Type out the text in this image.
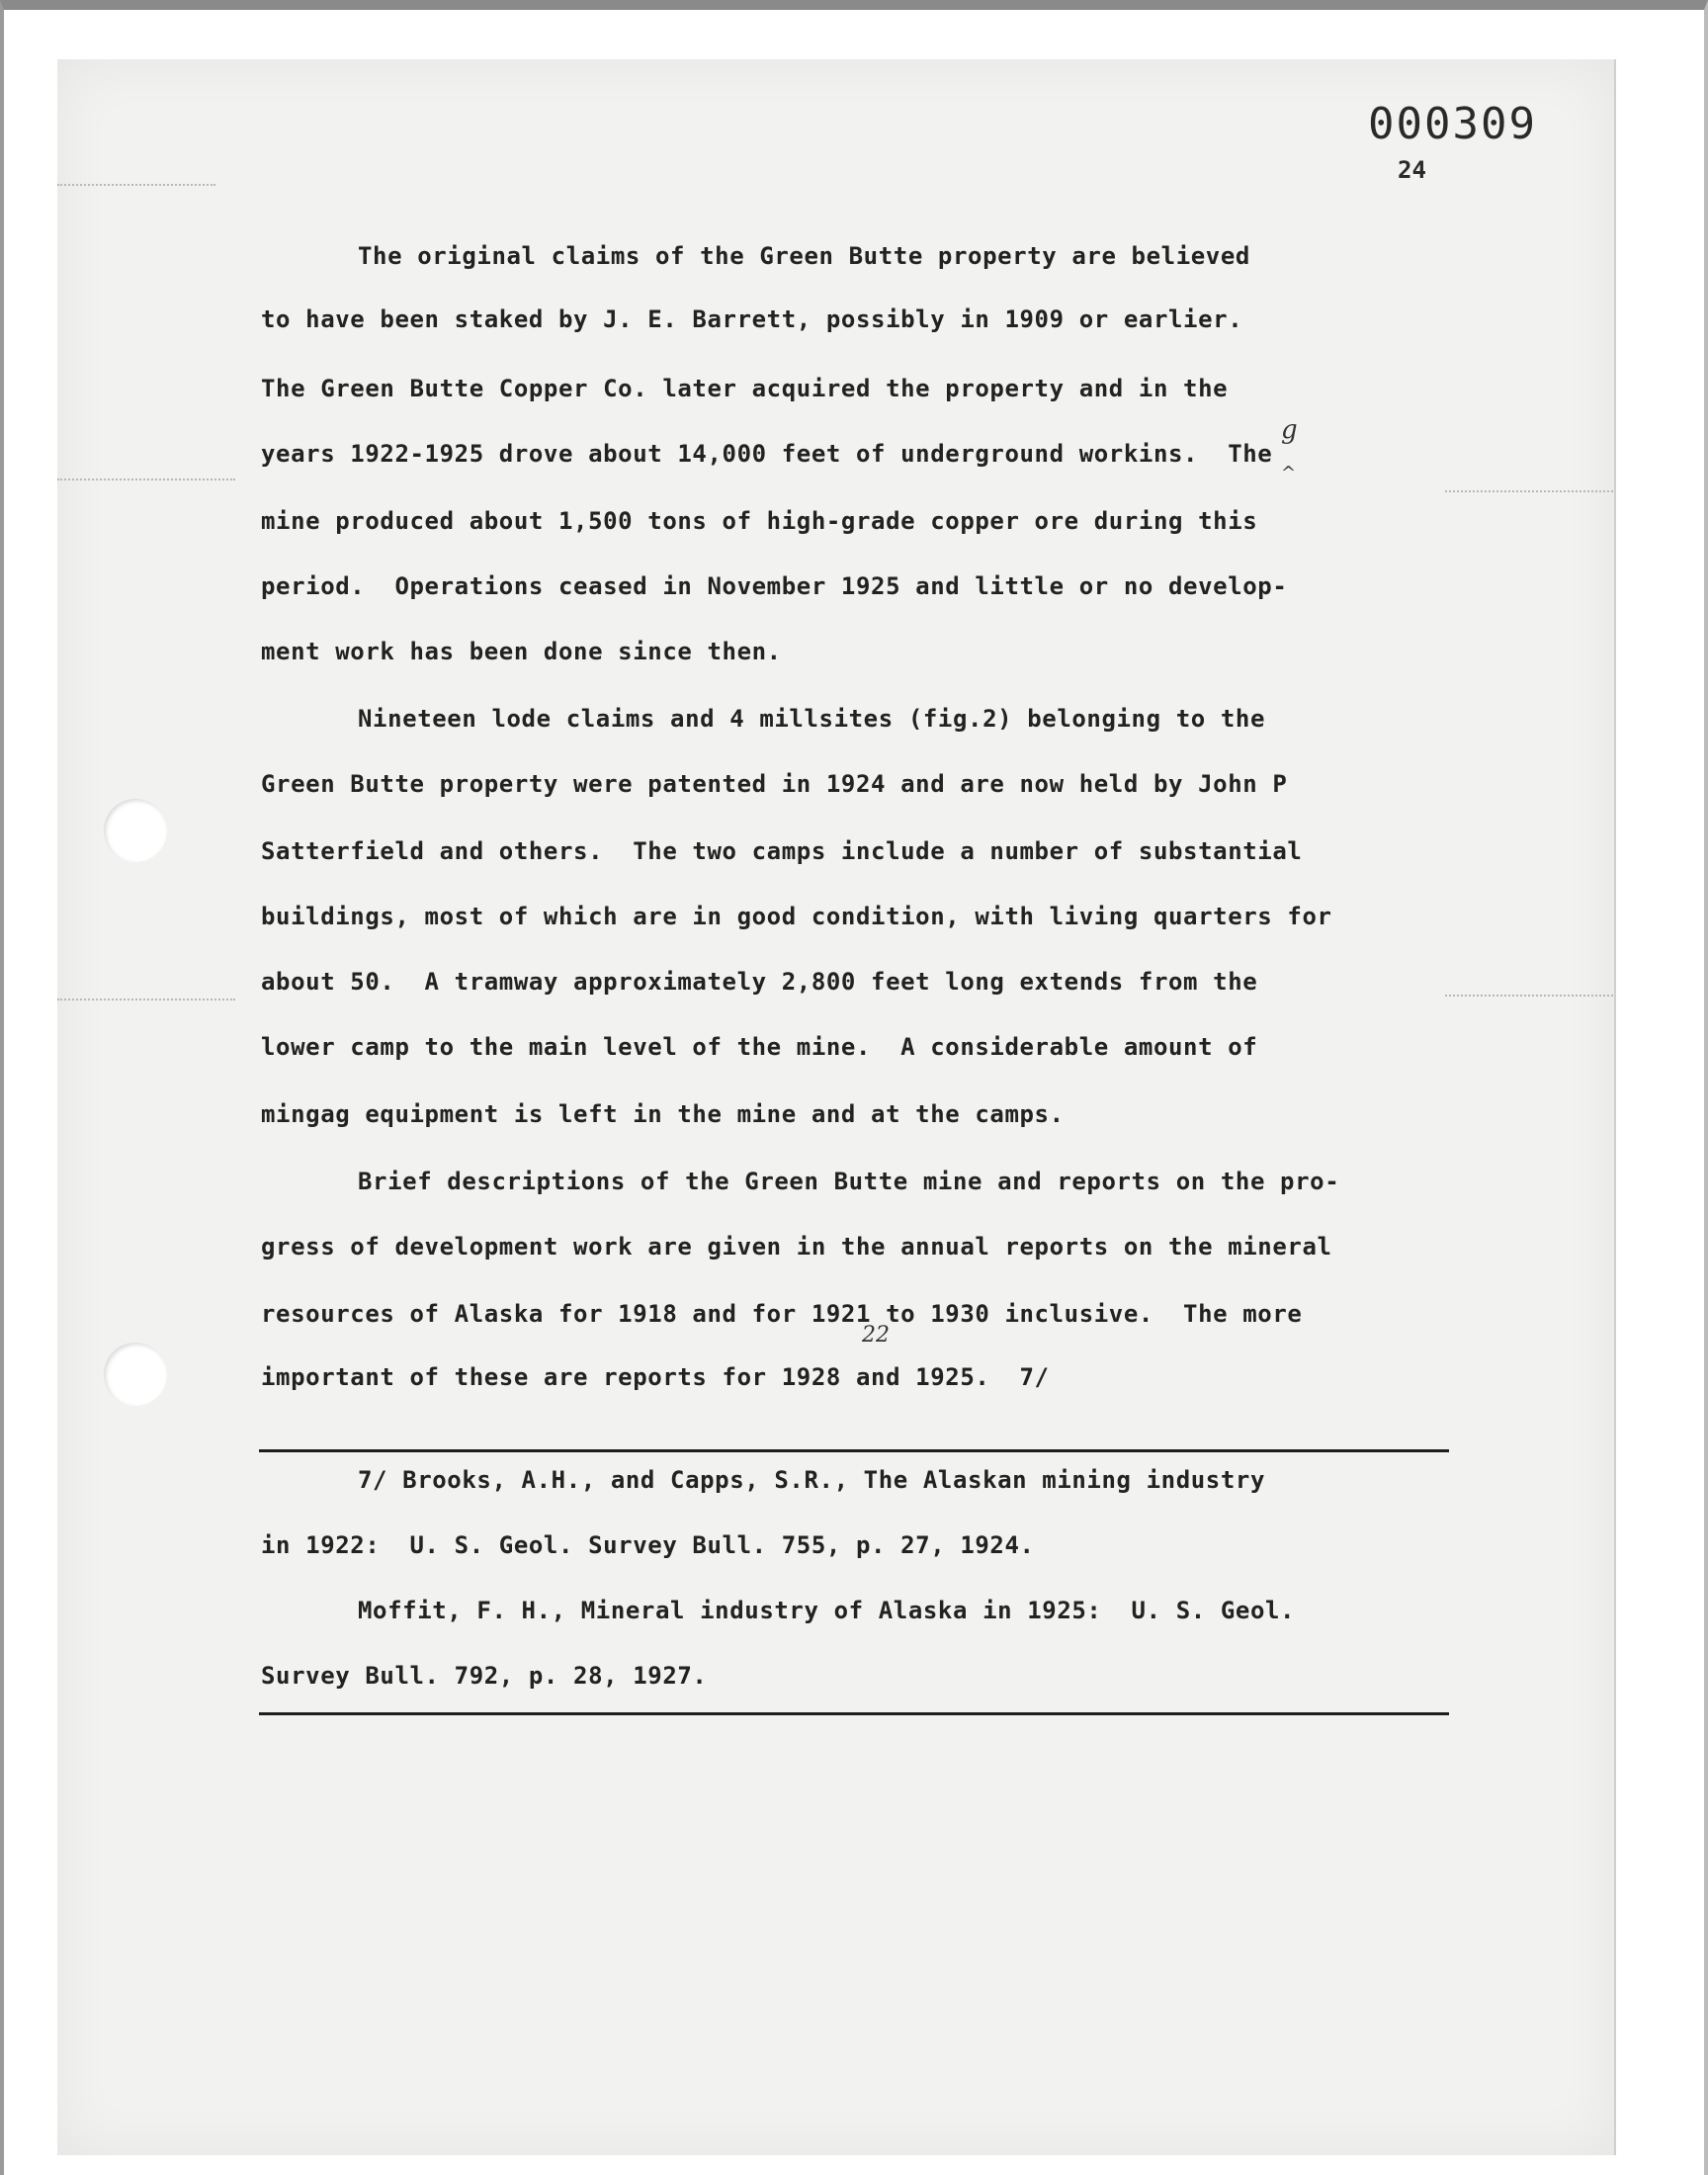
000309
24
The original claims of the Green Butte property are believed
to have been staked by J. E. Barrett, possibly in 1909 or earlier.
The Green Butte Copper Co. later acquired the property and in the
years 1922-1925 drove about 14,000 feet of underground workins.  The
mine produced about 1,500 tons of high-grade copper ore during this
period.  Operations ceased in November 1925 and little or no develop-
ment work has been done since then.
Nineteen lode claims and 4 millsites (fig.2) belonging to the
Green Butte property were patented in 1924 and are now held by John P
Satterfield and others.  The two camps include a number of substantial
buildings, most of which are in good condition, with living quarters for
about 50.  A tramway approximately 2,800 feet long extends from the
lower camp to the main level of the mine.  A considerable amount of
mingag equipment is left in the mine and at the camps.
Brief descriptions of the Green Butte mine and reports on the pro-
gress of development work are given in the annual reports on the mineral
resources of Alaska for 1918 and for 1921 to 1930 inclusive.  The more
important of these are reports for 1928 and 1925.  7/
g
^
22
7/ Brooks, A.H., and Capps, S.R., The Alaskan mining industry
in 1922:  U. S. Geol. Survey Bull. 755, p. 27, 1924.
Moffit, F. H., Mineral industry of Alaska in 1925:  U. S. Geol.
Survey Bull. 792, p. 28, 1927.
